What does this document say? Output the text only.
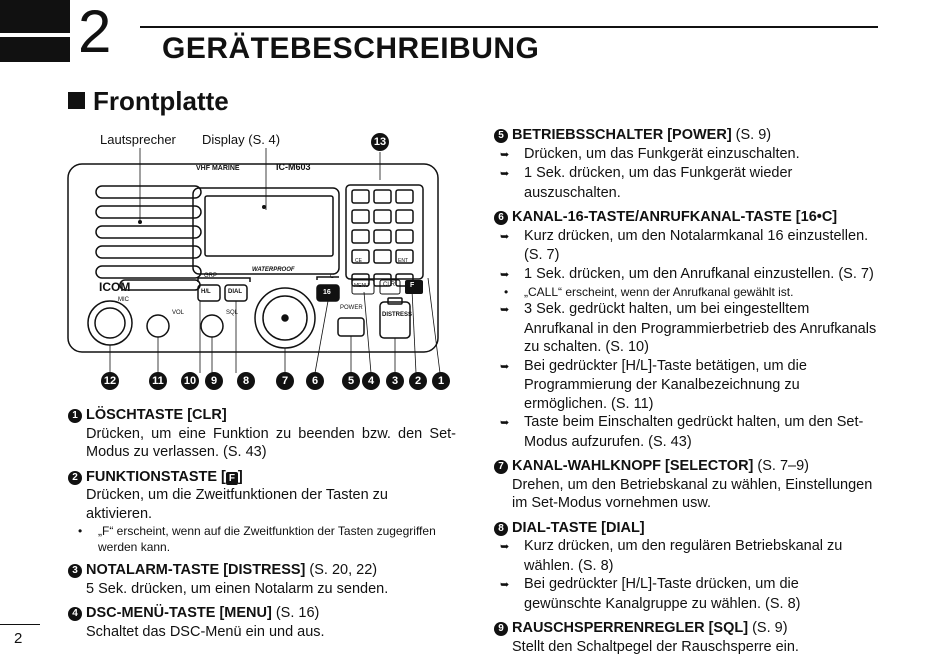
2 GERÄTEBESCHREIBUNG
Frontplatte
Lautsprecher Display (S. 4)
VHF MARINE	IC-M603
WATERPROOF
ICOM
MIC
VOL	SQL
GRP	C
H/L	DIAL	16
MENU CLR F
CE	ENT
POWER
DISTRESS
13
12	11 10	9	8	7	6	5	4	3	2	1
1 LÖSCHTASTE [CLR]
Drücken, um eine Funktion zu beenden bzw. den Set-Modus zu verlassen. (S. 43)
2 FUNKTIONSTASTE [ F ]
Drücken, um die Zweitfunktionen der Tasten zu aktivieren.
• „F“ erscheint, wenn auf die Zweitfunktion der Tasten zugegriffen werden kann.
3 NOTALARM-TASTE [DISTRESS] (S. 20, 22)
5 Sek. drücken, um einen Notalarm zu senden.
4 DSC-MENÜ-TASTE [MENU] (S. 16)
Schaltet das DSC-Menü ein und aus.
5 BETRIEBSSCHALTER [POWER] (S. 9)
➥ Drücken, um das Funkgerät einzuschalten.
➥ 1 Sek. drücken, um das Funkgerät wieder auszuschalten.
6 KANAL-16-TASTE/ANRUFKANAL-TASTE [16•C]
➥ Kurz drücken, um den Notalarmkanal 16 einzustellen. (S. 7)
➥ 1 Sek. drücken, um den Anrufkanal einzustellen. (S. 7)
• „CALL“ erscheint, wenn der Anrufkanal gewählt ist.
➥ 3 Sek. gedrückt halten, um bei eingestelltem Anrufkanal in den Programmierbetrieb des Anrufkanals zu schalten. (S. 10)
➥ Bei gedrückter [H/L]-Taste betätigen, um die Programmierung der Kanalbezeichnung zu ermöglichen. (S. 11)
➥ Taste beim Einschalten gedrückt halten, um den Set-Modus aufzurufen. (S. 43)
7 KANAL-WAHLKNOPF [SELECTOR] (S. 7–9)
Drehen, um den Betriebskanal zu wählen, Einstellungen im Set-Modus vornehmen usw.
8 DIAL-TASTE [DIAL]
➥ Kurz drücken, um den regulären Betriebskanal zu wählen. (S. 8)
➥ Bei gedrückter [H/L]-Taste drücken, um die gewünschte Kanalgruppe zu wählen. (S. 8)
9 RAUSCHSPERRENREGLER [SQL] (S. 9)
Stellt den Schaltpegel der Rauschsperre ein.
2
